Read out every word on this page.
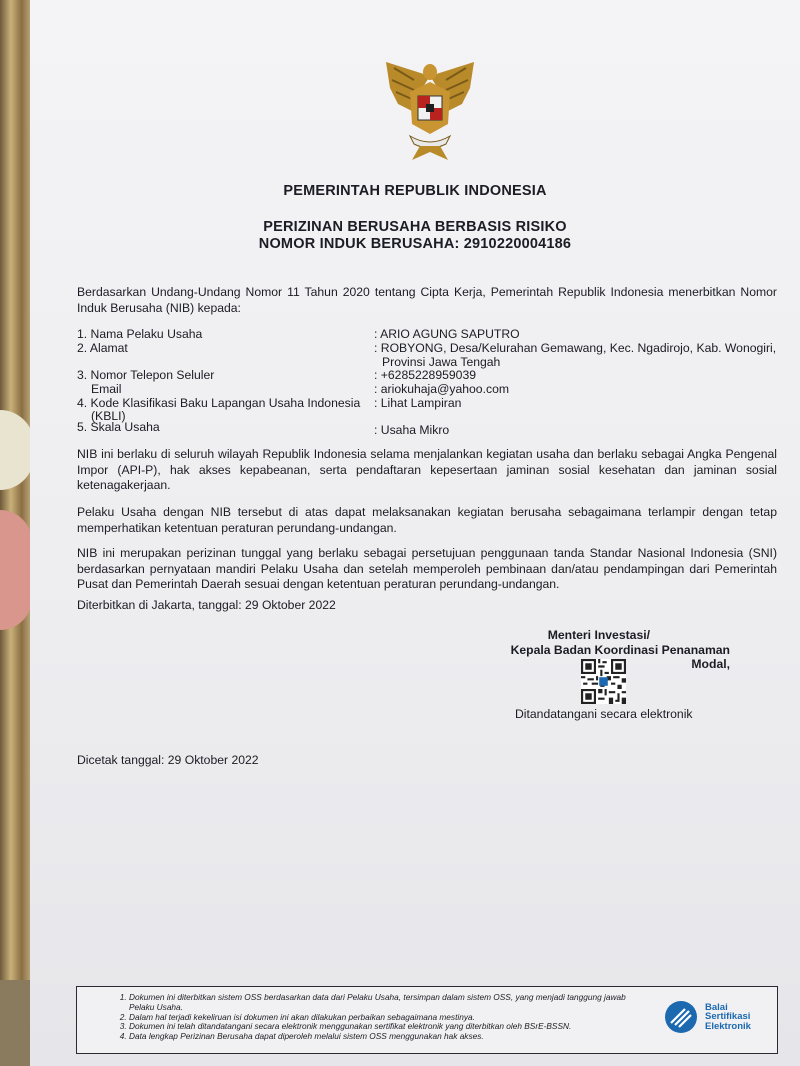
PEMERINTAH REPUBLIK INDONESIA
PERIZINAN BERUSAHA BERBASIS RISIKO
NOMOR INDUK BERUSAHA: 2910220004186
Berdasarkan Undang-Undang Nomor 11 Tahun 2020 tentang Cipta Kerja, Pemerintah Republik Indonesia menerbitkan Nomor Induk Berusaha (NIB) kepada:
1. Nama Pelaku Usaha	: ARIO AGUNG SAPUTRO
2. Alamat	: ROBYONG, Desa/Kelurahan Gemawang, Kec. Ngadirojo, Kab. Wonogiri,
Provinsi Jawa Tengah
3. Nomor Telepon Seluler	: +6285228959039
Email	: ariokuhaja@yahoo.com
4. Kode Klasifikasi Baku Lapangan Usaha Indonesia
(KBLI)
: Lihat Lampiran
5. Skala Usaha	: Usaha Mikro
NIB ini berlaku di seluruh wilayah Republik Indonesia selama menjalankan kegiatan usaha dan berlaku sebagai Angka Pengenal Impor (API-P), hak akses kepabeanan, serta pendaftaran kepesertaan jaminan sosial kesehatan dan jaminan sosial ketenagakerjaan.
Pelaku Usaha dengan NIB tersebut di atas dapat melaksanakan kegiatan berusaha sebagaimana terlampir dengan tetap memperhatikan ketentuan peraturan perundang-undangan.
NIB ini merupakan perizinan tunggal yang berlaku sebagai persetujuan penggunaan tanda Standar Nasional Indonesia (SNI) berdasarkan pernyataan mandiri Pelaku Usaha dan setelah memperoleh pembinaan dan/atau pendampingan dari Pemerintah Pusat dan Pemerintah Daerah sesuai dengan ketentuan peraturan perundang-undangan.
Diterbitkan di Jakarta, tanggal: 29 Oktober 2022
Menteri Investasi/
Kepala Badan Koordinasi Penanaman Modal,
Ditandatangani secara elektronik
Dicetak tanggal: 29 Oktober 2022
1. Dokumen ini diterbitkan sistem OSS berdasarkan data dari Pelaku Usaha, tersimpan dalam sistem OSS, yang menjadi tanggung jawab Pelaku Usaha.
2. Dalam hal terjadi kekeliruan isi dokumen ini akan dilakukan perbaikan sebagaimana mestinya.
3. Dokumen ini telah ditandatangani secara elektronik menggunakan sertifikat elektronik yang diterbitkan oleh BSrE-BSSN.
4. Data lengkap Perizinan Berusaha dapat diperoleh melalui sistem OSS menggunakan hak akses.
Balai
Sertifikasi
Elektronik
